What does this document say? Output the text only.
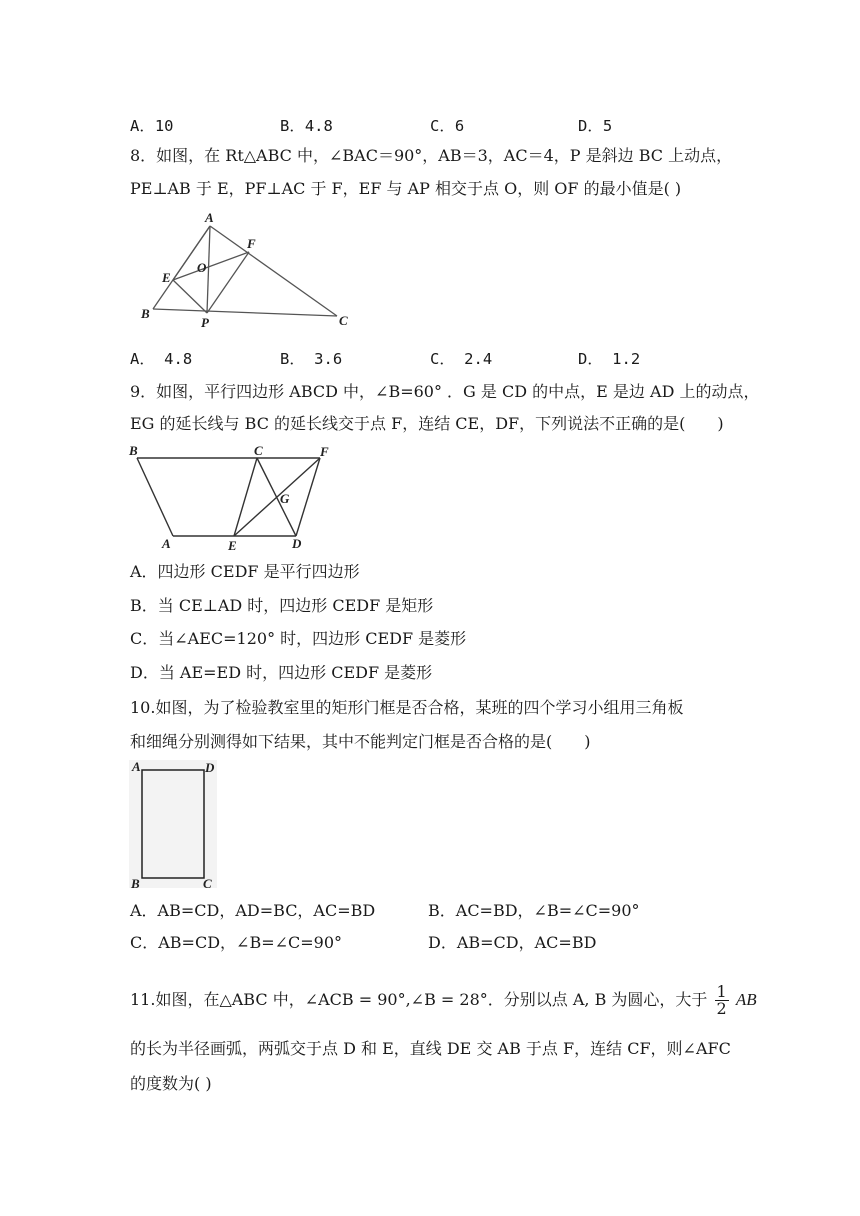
A．10	B．4.8	C．6	D．5
8．如图，在 Rt△ABC 中，∠BAC＝90°，AB＝3，AC＝4，P 是斜边 BC 上动点，
PE⊥AB 于 E，PF⊥AC 于 F，EF 与 AP 相交于点 O，则 OF 的最小值是( )
A
F
E
O
B
P	C
A． 4.8	B． 3.6	C． 2.4	D． 1.2
9．如图，平行四边形 ABCD 中，∠B=60° ．G 是 CD 的中点，E 是边 AD 上的动点，
EG 的延长线与 BC 的延长线交于点 F，连结 CE，DF，下列说法不正确的是(　　)
B	C	F
G
A	E	D
A．四边形 CEDF 是平行四边形
B．当 CE⊥AD 时，四边形 CEDF 是矩形
C．当∠AEC=120° 时，四边形 CEDF 是菱形
D．当 AE=ED 时，四边形 CEDF 是菱形
10.如图，为了检验教室里的矩形门框是否合格，某班的四个学习小组用三角板
和细绳分别测得如下结果，其中不能判定门框是否合格的是(　　)
A	D
B	C
A．AB=CD，AD=BC，AC=BD	B．AC=BD，∠B=∠C=90°
C．AB=CD，∠B=∠C=90°	D．AB=CD，AC=BD
11.如图，在△ABC 中，∠ACB = 90°,∠B = 28°．分别以点 A, B 为圆心，大于 $\frac{1}{2}$ AB
的长为半径画弧，两弧交于点 D 和 E，直线 DE 交 AB 于点 F，连结 CF，则∠AFC
的度数为( )
